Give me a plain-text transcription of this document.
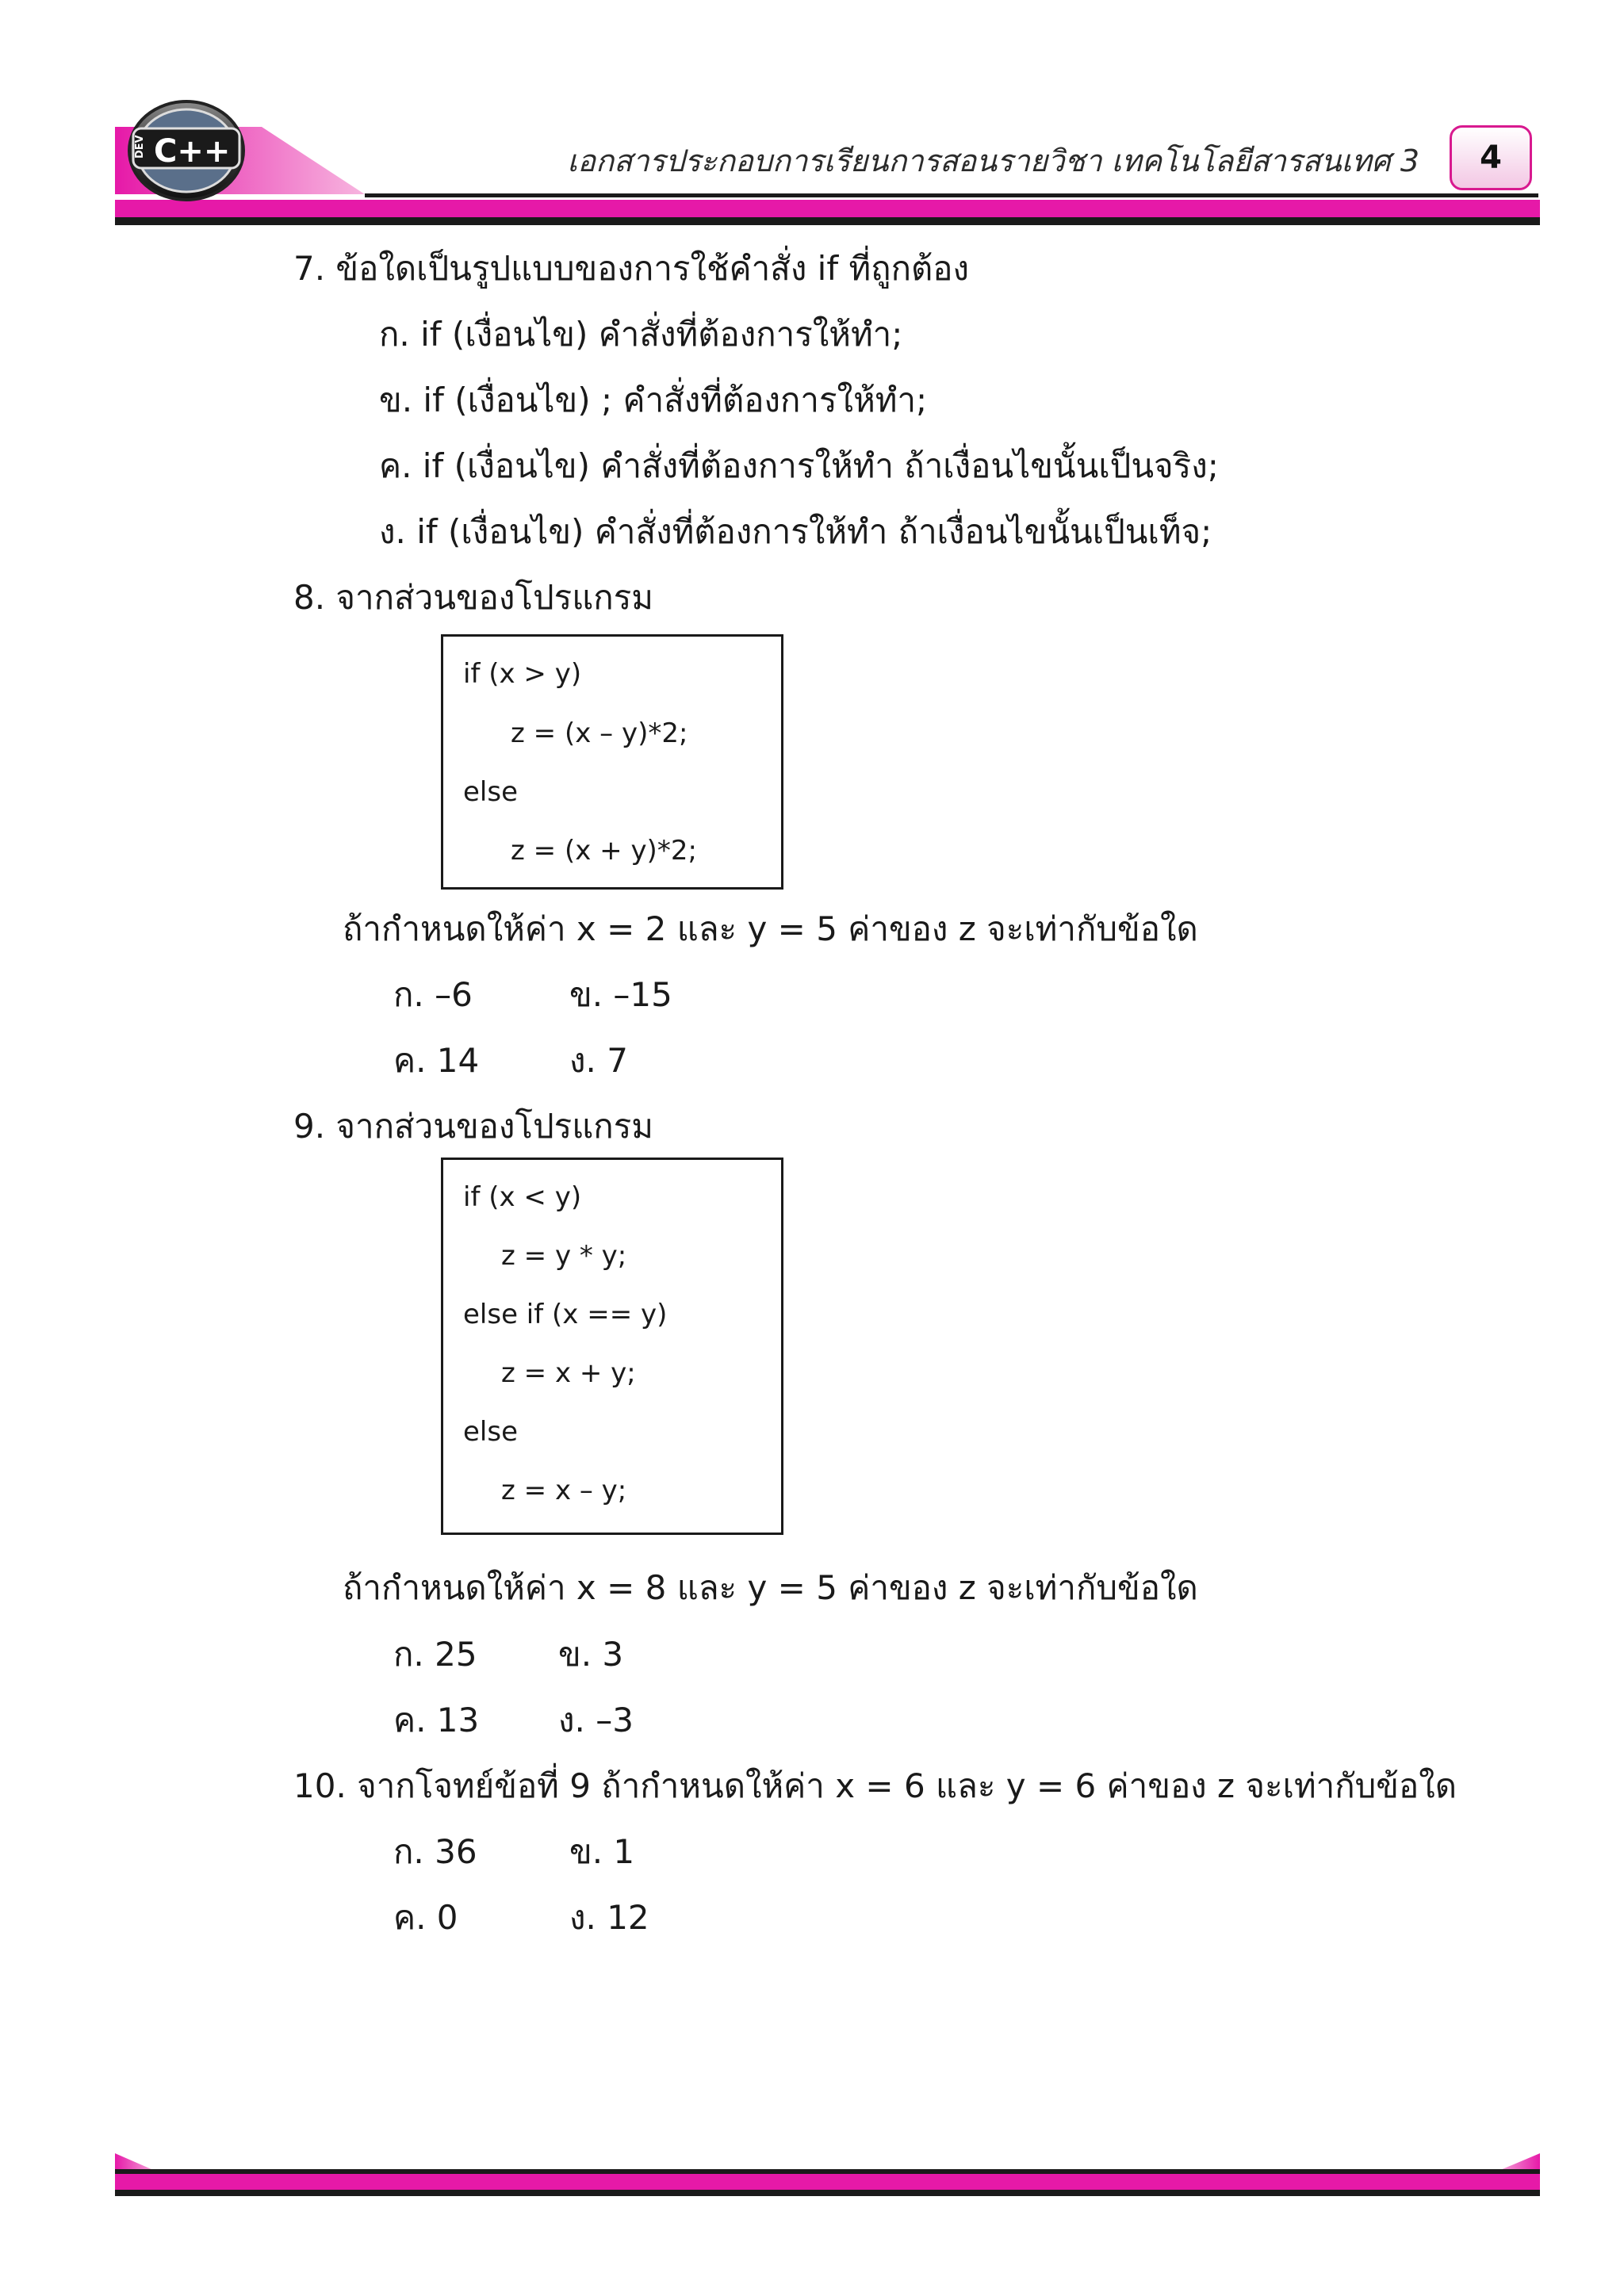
DEV C++	เอกสารประกอบการเรียนการสอนรายวิชา เทคโนโลยีสารสนเทศ 3	4
7. ข้อใดเป็นรูปแบบของการใช้คำสั่ง if ที่ถูกต้อง
ก. if (เงื่อนไข) คำสั่งที่ต้องการให้ทำ;
ข. if (เงื่อนไข) ; คำสั่งที่ต้องการให้ทำ;
ค. if (เงื่อนไข) คำสั่งที่ต้องการให้ทำ ถ้าเงื่อนไขนั้นเป็นจริง;
ง. if (เงื่อนไข) คำสั่งที่ต้องการให้ทำ ถ้าเงื่อนไขนั้นเป็นเท็จ;
8. จากส่วนของโปรแกรม
if (x > y)
z = (x – y)*2;
else
z = (x + y)*2;
ถ้ากำหนดให้ค่า x = 2 และ y = 5 ค่าของ z จะเท่ากับข้อใด
ก. –6	ข. –15
ค. 14	ง. 7
9. จากส่วนของโปรแกรม
if (x < y)
z = y * y;
else if (x == y)
z = x + y;
else
z = x – y;
ถ้ากำหนดให้ค่า x = 8 และ y = 5 ค่าของ z จะเท่ากับข้อใด
ก. 25 ข. 3
ค. 13 ง. –3
10. จากโจทย์ข้อที่ 9 ถ้ากำหนดให้ค่า x = 6 และ y = 6 ค่าของ z จะเท่ากับข้อใด
ก. 36	ข. 1
ค. 0	ง. 12
